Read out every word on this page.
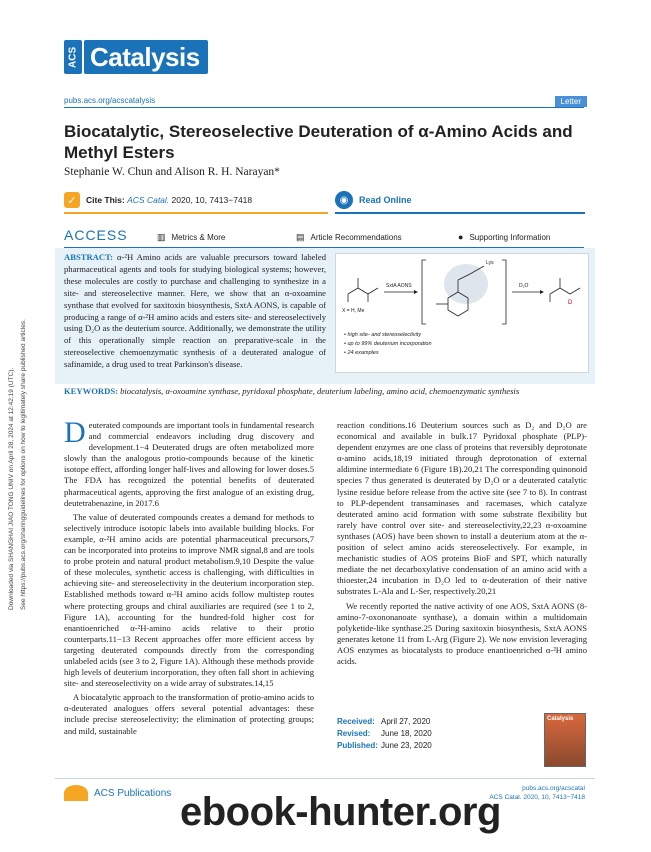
Downloaded via SHANGHAI JIAO TONG UNIV on April 28, 2024 at 12:42:19 (UTC). See https://pubs.acs.org/sharingguidelines for options on how to legitimately share published articles.
ACS Catalysis
pubs.acs.org/acscatalysis	Letter
Biocatalytic, Stereoselective Deuteration of α-Amino Acids and Methyl Esters
Stephanie W. Chun and Alison R. H. Narayan*
✓	Cite This: ACS Catal. 2020, 10, 7413−7418	◉	Read Online
ACCESS	▥ Metrics & More	▤ Article Recommendations	● Supporting Information
ABSTRACT: α-²H Amino acids are valuable precursors toward labeled pharmaceutical agents and tools for studying biological systems; however, these molecules are costly to purchase and challenging to synthesize in a site- and stereoselective manner. Here, we show that an α-oxoamine synthase that evolved for saxitoxin biosynthesis, SxtA AONS, is capable of producing a range of α-²H amino acids and esters site- and stereoselectively using D₂O as the deuterium source. Additionally, we demonstrate the utility of this operationally simple reaction on preparative-scale in the stereoselective chemoenzymatic synthesis of a deuterated analogue of safinamide, a drug used to treat Parkinson's disease.
X = H, Me
SxtA AONS
Lys
D₂O
D
• high site- and stereoselectivity
• up to 99% deuterium incorporation
• 24 examples
KEYWORDS: biocatalysis, α-oxoamine synthase, pyridoxal phosphate, deuterium labeling, amino acid, chemoenzymatic synthesis

Deuterated compounds are important tools in fundamental research and commercial endeavors including drug discovery and development.1−4 Deuterated drugs are often metabolized more slowly than the analogous protio-compounds because of the kinetic isotope effect, affording longer half-lives and allowing for lower doses.5 The FDA has recognized the potential benefits of deuterated pharmaceutical agents, approving the first analogue of an existing drug, deutetrabenazine, in 2017.6

The value of deuterated compounds creates a demand for methods to selectively introduce isotopic labels into available building blocks. For example, α-²H amino acids are potential pharmaceutical precursors,7 can be incorporated into proteins to improve NMR signal,8 and are tools to probe protein and natural product metabolism.9,10 Despite the value of these molecules, synthetic access is challenging, with difficulties in achieving site- and stereoselectivity in the deuterium incorporation step. Established methods toward α-²H amino acids follow multistep routes where protecting groups and chiral auxiliaries are required (see 1 to 2, Figure 1A), accounting for the hundred-fold higher cost for enantioenriched α-²H-amino acids relative to their protio counterparts.11−13 Recent approaches offer more efficient access by targeting deuterated compounds directly from the corresponding unlabeled acids (see 3 to 2, Figure 1A). Although these methods provide high levels of deuterium incorporation, they often fall short in achieving site- and stereoselectivity on a wide array of substrates.14,15

A biocatalytic approach to the transformation of protio-amino acids to α-deuterated analogues offers several potential advantages: these include precise stereoselectivity; the elimination of protecting groups; and mild, sustainable

reaction conditions.16 Deuterium sources such as D₂ and D₂O are economical and available in bulk.17 Pyridoxal phosphate (PLP)-dependent enzymes are one class of proteins that reversibly deprotonate α-amino acids,18,19 initiated through deprotonation of external aldimine intermediate 6 (Figure 1B).20,21 The corresponding quinonoid species 7 thus generated is deuterated by D₂O or a deuterated catalytic lysine residue before release from the active site (see 7 to 8). In contrast to PLP-dependent transaminases and racemases, which catalyze deuterated amino acid formation with some substrate flexibility but rarely have control over site- and stereoselectivity,22,23 α-oxoamine synthases (AOS) have been shown to install a deuterium atom at the α-position of select amino acids stereoselectively. For example, in mechanistic studies of AOS proteins BioF and SPT, which naturally mediate the net decarboxylative condensation of an amino acid with a thioester,24 incubation in D₂O led to α-deuteration of their native substrates L-Ala and L-Ser, respectively.20,21

We recently reported the native activity of one AOS, SxtA AONS (8-amino-7-oxononanoate synthase), a domain within a multidomain polyketide-like synthase.25 During saxitoxin biosynthesis, SxtA AONS generates ketone 11 from L-Arg (Figure 2). We now envision leveraging AOS enzymes as biocatalysts to produce enantioenriched α-²H amino acids.

Received: April 27, 2020
Revised: June 18, 2020
Published: June 23, 2020
Catalysis
ACS Publications	pubs.acs.org/acscatal
ACS Catal. 2020, 10, 7413−7418
ebook-hunter.org
